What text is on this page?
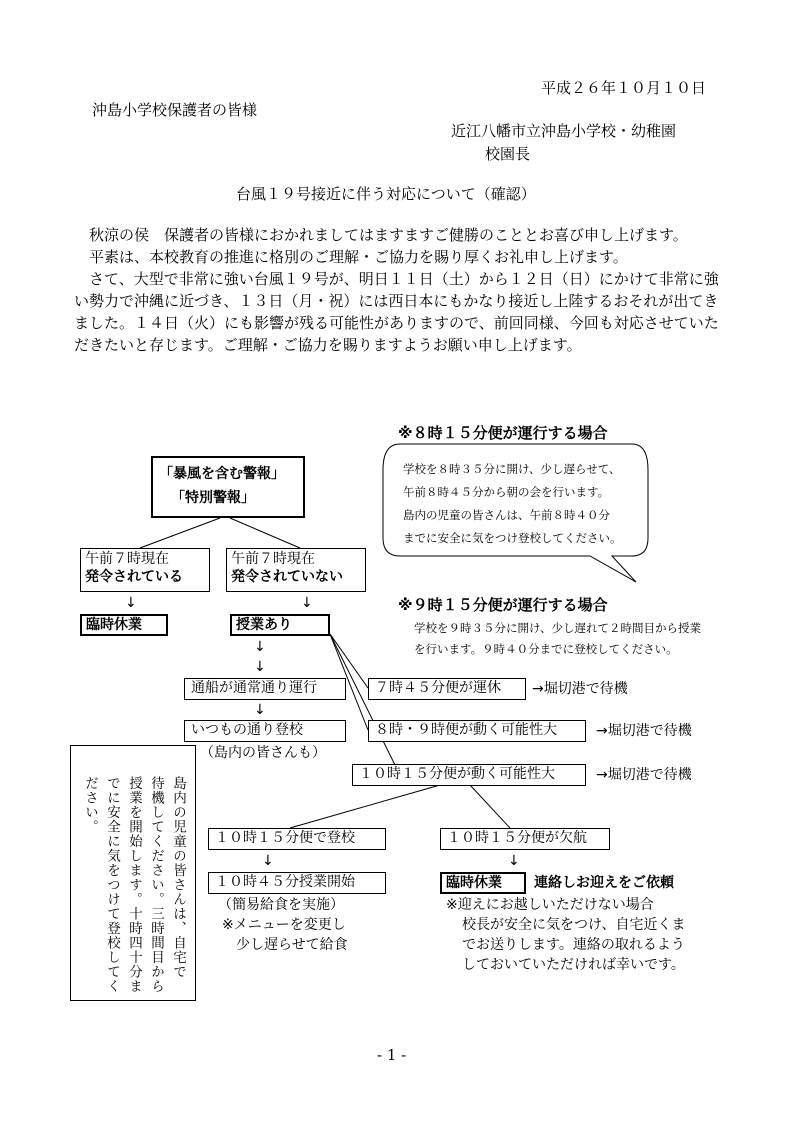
平成２６年１０月１０日
沖島小学校保護者の皆様
近江八幡市立沖島小学校・幼稚園
校園長
台風１９号接近に伴う対応について（確認）

　秋涼の侯　保護者の皆様におかれましてはますますご健勝のこととお喜び申し上げます。

　平素は、本校教育の推進に格別のご理解・ご協力を賜り厚くお礼申し上げます。

　さて、大型で非常に強い台風１９号が、明日１１日（土）から１２日（日）にかけて非常に強い勢力で沖縄に近づき、１３日（月・祝）には西日本にもかなり接近し上陸するおそれが出てきました。１４日（火）にも影響が残る可能性がありますので、前回同様、今回も対応させていただきたいと存じます。ご理解・ご協力を賜りますようお願い申し上げます。

「暴風を含む警報」
「特別警報」
午前７時現在
発令されている
午前７時現在
発令されていない
↓	↓
臨時休業	授業あり
↓
↓
通船が通常通り運行
↓
いつもの通り登校
（島内の皆さんも）
７時４５分便が運休	→堀切港で待機
８時・９時便が動く可能性大	→堀切港で待機
１０時１５分便が動く可能性大	→堀切港で待機
１０時１５分便で登校
↓
１０時４５分授業開始
（簡易給食を実施）
※メニューを変更し
少し遅らせて給食
１０時１５分便が欠航
↓
臨時休業	連絡しお迎えをご依頼
※迎えにお越しいただけない場合
校長が安全に気をつけ、自宅近くま
でお送りします。連絡の取れるよう
しておいていただければ幸いです。
※８時１５分便が運行する場合
学校を８時３５分に開け、少し遅らせて、
午前８時４５分から朝の会を行います。
島内の児童の皆さんは、午前８時４０分
までに安全に気をつけ登校してください。
※９時１５分便が運行する場合
学校を９時３５分に開け、少し遅れて２時間目から授業
を行います。９時４０分までに登校してください。
島内の児童の皆さんは、自宅で
待機してください。三時間目から
授業を開始します。十時四十分ま
でに安全に気をつけて登校してく
ださい。
- 1 -
